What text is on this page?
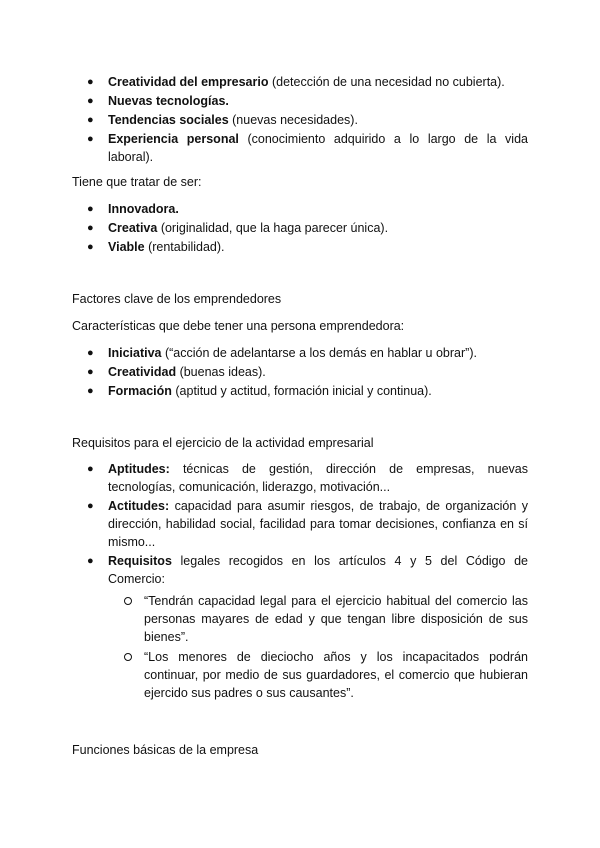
● Creatividad del empresario (detección de una necesidad no cubierta).
● Nuevas tecnologías.
● Tendencias sociales (nuevas necesidades).
● Experiencia personal (conocimiento adquirido a lo largo de la vida laboral).

Tiene que tratar de ser:

● Innovadora.
● Creativa (originalidad, que la haga parecer única).
● Viable (rentabilidad).

Factores clave de los emprendedores

Características que debe tener una persona emprendedora:

● Iniciativa (“acción de adelantarse a los demás en hablar u obrar”).
● Creatividad (buenas ideas).
● Formación (aptitud y actitud, formación inicial y continua).

Requisitos para el ejercicio de la actividad empresarial

● Aptitudes: técnicas de gestión, dirección de empresas, nuevas tecnologías, comunicación, liderazgo, motivación...
● Actitudes: capacidad para asumir riesgos, de trabajo, de organización y dirección, habilidad social, facilidad para tomar decisiones, confianza en sí mismo...
● Requisitos legales recogidos en los artículos 4 y 5 del Código de Comercio:
“Tendrán capacidad legal para el ejercicio habitual del comercio las personas mayares de edad y que tengan libre disposición de sus bienes”.
“Los menores de dieciocho años y los incapacitados podrán continuar, por medio de sus guardadores, el comercio que hubieran ejercido sus padres o sus causantes”.

Funciones básicas de la empresa
